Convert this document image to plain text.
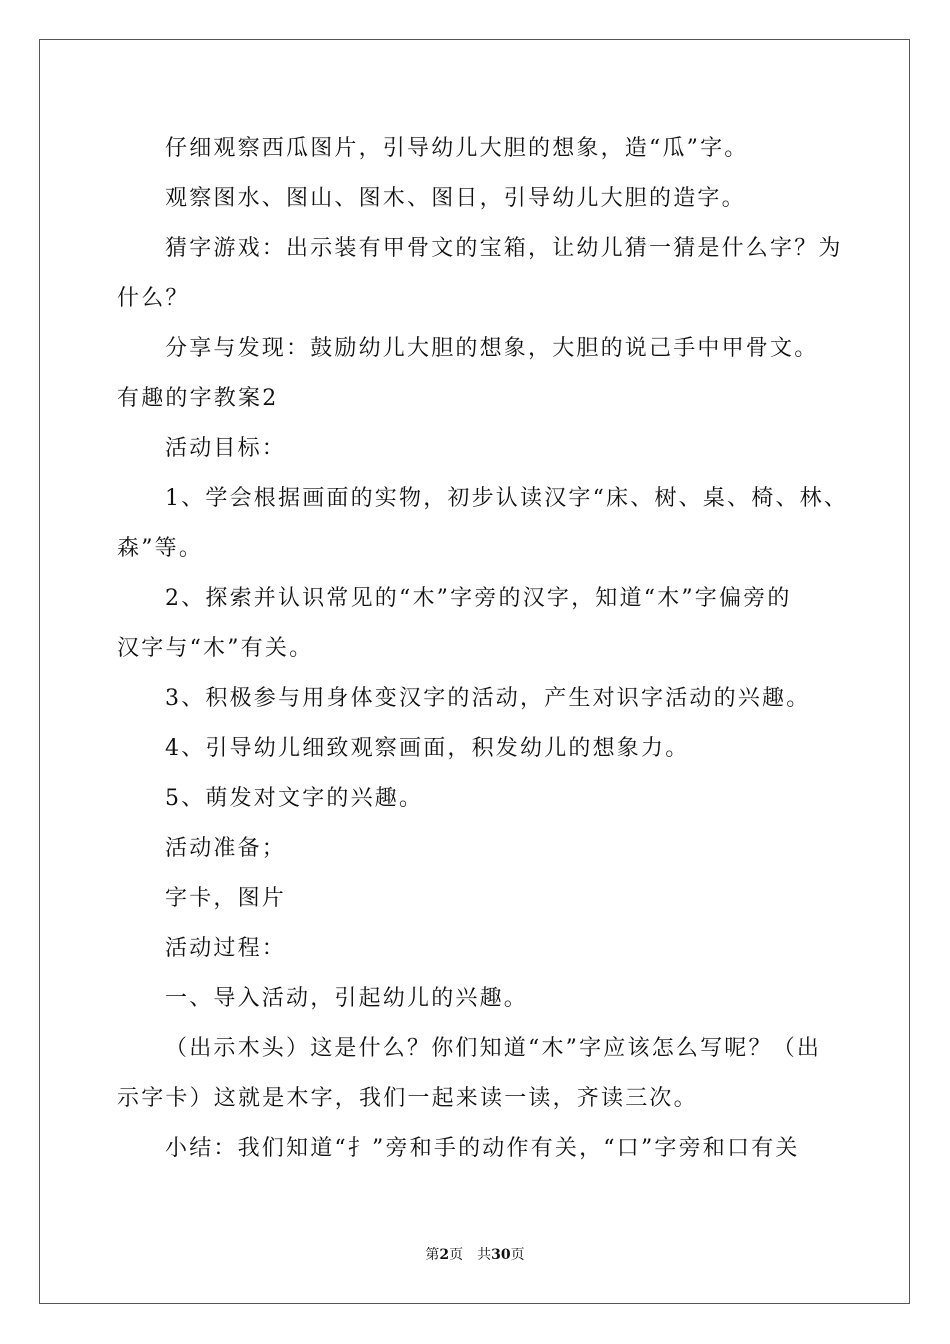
仔细观察西瓜图片，引导幼儿大胆的想象，造“瓜”字。
观察图水、图山、图木、图日，引导幼儿大胆的造字。
猜字游戏：出示装有甲骨文的宝箱，让幼儿猜一猜是什么字？为
什么？
分享与发现：鼓励幼儿大胆的想象，大胆的说己手中甲骨文。
有趣的字教案2
活动目标：
1、学会根据画面的实物，初步认读汉字“床、树、桌、椅、林、
森”等。
2、探索并认识常见的“木”字旁的汉字，知道“木”字偏旁的
汉字与“木”有关。
3、积极参与用身体变汉字的活动，产生对识字活动的兴趣。
4、引导幼儿细致观察画面，积发幼儿的想象力。
5、萌发对文字的兴趣。
活动准备；
字卡，图片
活动过程：
一、导入活动，引起幼儿的兴趣。
（出示木头）这是什么？你们知道“木”字应该怎么写呢？（出
示字卡）这就是木字，我们一起来读一读，齐读三次。
小结：我们知道“扌”旁和手的动作有关，“口”字旁和口有关
第2页　共30页
